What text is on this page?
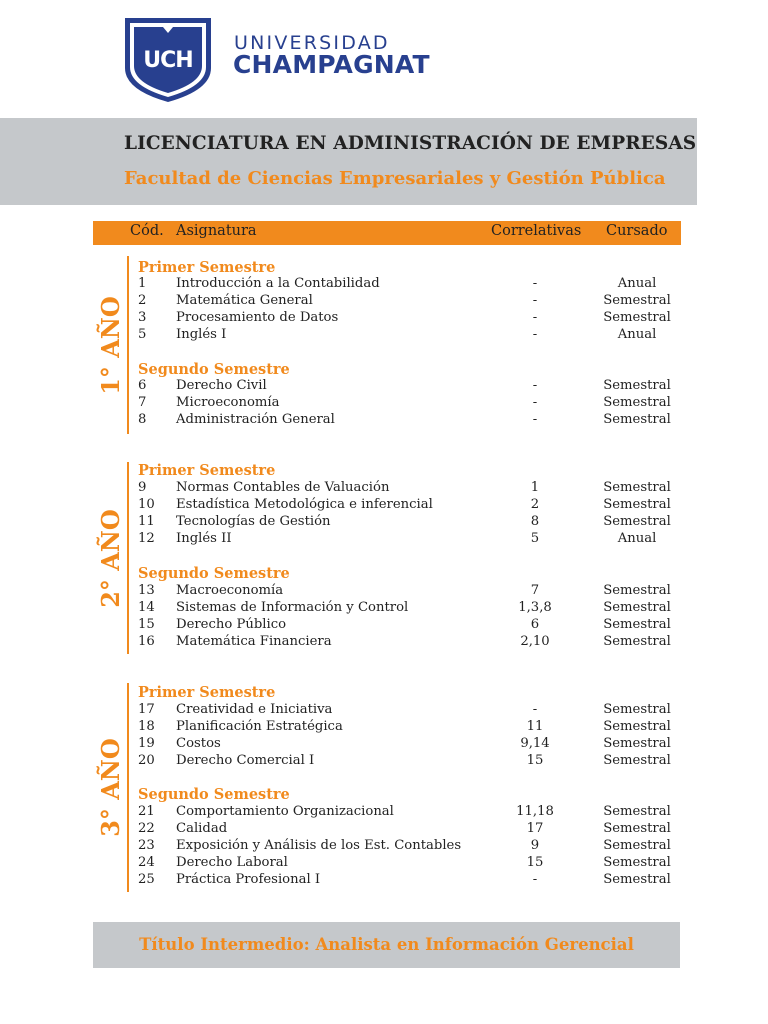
UCH
UNIVERSIDAD
CHAMPAGNAT
LICENCIATURA EN ADMINISTRACIÓN DE EMPRESAS
Facultad de Ciencias Empresariales y Gestión Pública
Cód. Asignatura	Correlativas Cursado
1° AÑO
Primer Semestre
1	Introducción a la Contabilidad	-	Anual
2	Matemática General	-	Semestral
3	Procesamiento de Datos	-	Semestral
5	Inglés I	-	Anual
Segundo Semestre
6	Derecho Civil	-	Semestral
7	Microeconomía	-	Semestral
8	Administración General	-	Semestral
2° AÑO
Primer Semestre
9	Normas Contables de Valuación	1	Semestral
10	Estadística Metodológica e inferencial	2	Semestral
11	Tecnologías de Gestión	8	Semestral
12	Inglés II	5	Anual
Segundo Semestre
13	Macroeconomía	7	Semestral
14	Sistemas de Información y Control	1,3,8	Semestral
15	Derecho Público	6	Semestral
16	Matemática Financiera	2,10	Semestral
3° AÑO
Primer Semestre
17	Creatividad e Iniciativa	-	Semestral
18	Planificación Estratégica	11	Semestral
19	Costos	9,14	Semestral
20	Derecho Comercial I	15	Semestral
Segundo Semestre
21	Comportamiento Organizacional	11,18	Semestral
22	Calidad	17	Semestral
23	Exposición y Análisis de los Est. Contables	9	Semestral
24	Derecho Laboral	15	Semestral
25	Práctica Profesional I	-	Semestral
Título Intermedio: Analista en Información Gerencial
